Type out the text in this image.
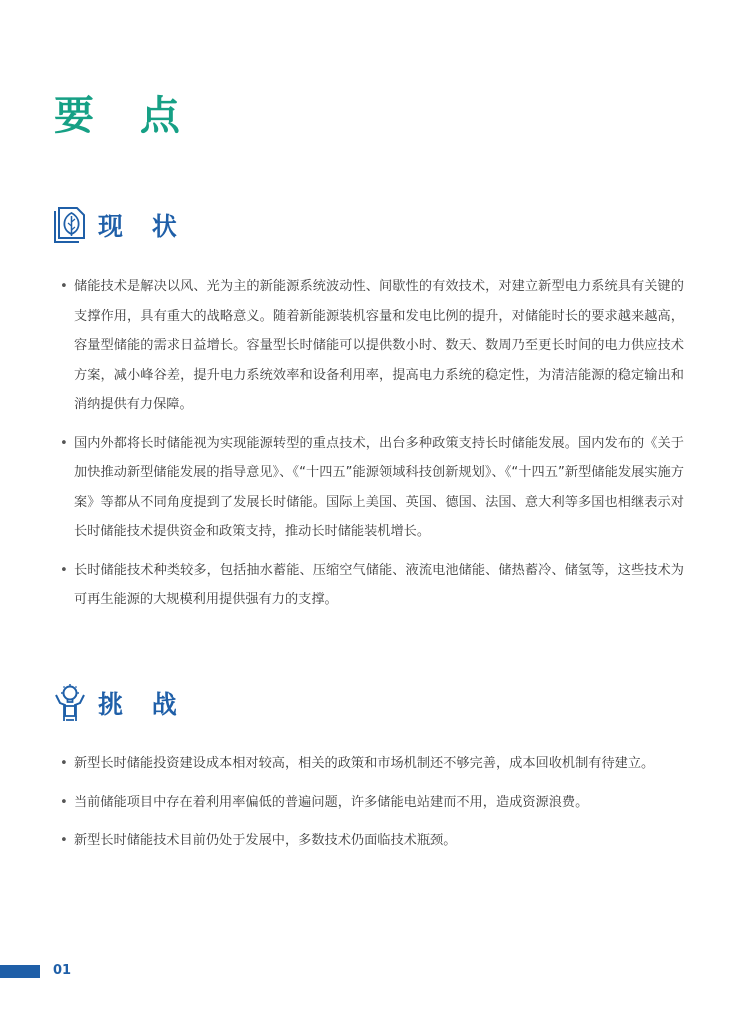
要 点
现 状
• 储能技术是解决以风、光为主的新能源系统波动性、间歇性的有效技术，对建立新型电力系统具有关键的支撑作用，具有重大的战略意义。随着新能源装机容量和发电比例的提升，对储能时长的要求越来越高，容量型储能的需求日益增长。容量型长时储能可以提供数小时、数天、数周乃至更长时间的电力供应技术方案，减小峰谷差，提升电力系统效率和设备利用率，提高电力系统的稳定性，为清洁能源的稳定输出和消纳提供有力保障。
• 国内外都将长时储能视为实现能源转型的重点技术，出台多种政策支持长时储能发展。国内发布的《关于加快推动新型储能发展的指导意见》、《“十四五”能源领域科技创新规划》、《“十四五”新型储能发展实施方案》等都从不同角度提到了发展长时储能。国际上美国、英国、德国、法国、意大利等多国也相继表示对长时储能技术提供资金和政策支持，推动长时储能装机增长。
• 长时储能技术种类较多，包括抽水蓄能、压缩空气储能、液流电池储能、储热蓄冷、储氢等，这些技术为可再生能源的大规模利用提供强有力的支撑。
挑 战
• 新型长时储能投资建设成本相对较高，相关的政策和市场机制还不够完善，成本回收机制有待建立。
• 当前储能项目中存在着利用率偏低的普遍问题，许多储能电站建而不用，造成资源浪费。
• 新型长时储能技术目前仍处于发展中，多数技术仍面临技术瓶颈。
01
